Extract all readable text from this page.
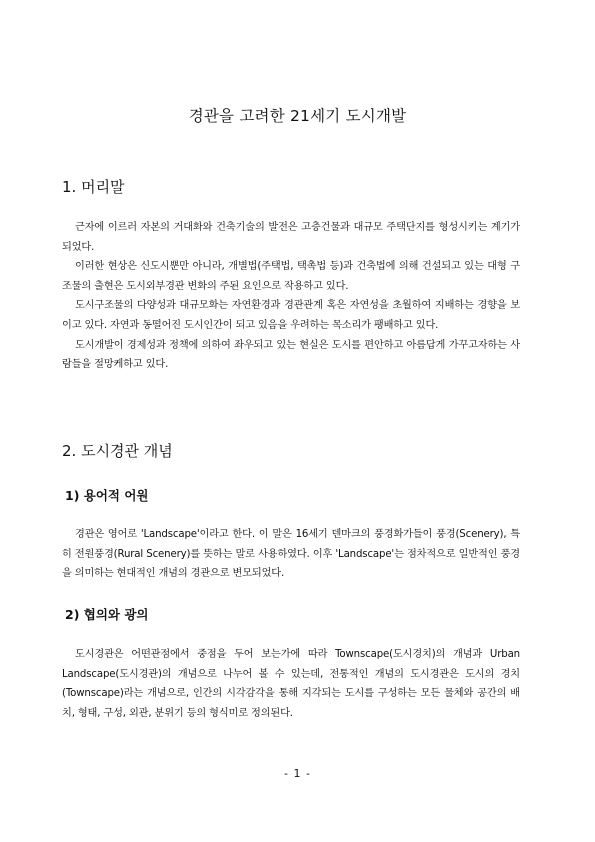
경관을 고려한 21세기 도시개발
1. 머리말

근자에 이르러 자본의 거대화와 건축기술의 발전은 고층건물과 대규모 주택단지를 형성시키는 계기가 되었다.

이러한 현상은 신도시뿐만 아니라, 개별법(주택법, 택촉법 등)과 건축법에 의해 건설되고 있는 대형 구조물의 출현은 도시외부경관 변화의 주된 요인으로 작용하고 있다.

도시구조물의 다양성과 대규모화는 자연환경과 경관관계 혹은 자연성을 초월하여 지배하는 경향을 보이고 있다. 자연과 동떨어진 도시인간이 되고 있음을 우려하는 목소리가 팽배하고 있다.

도시개발이 경제성과 정책에 의하여 좌우되고 있는 현실은 도시를 편안하고 아름답게 가꾸고자하는 사람들을 절망케하고 있다.

2. 도시경관 개념
1) 용어적 어원

경관은 영어로 'Landscape'이라고 한다. 이 말은 16세기 덴마크의 풍경화가들이 풍경(Scenery), 특히 전원풍경(Rural Scenery)를 뜻하는 말로 사용하였다. 이후 'Landscape'는 점차적으로 일반적인 풍경을 의미하는 현대적인 개념의 경관으로 변모되었다.

2) 협의와 광의

도시경관은 어떤관점에서 중점을 두어 보는가에 따라 Townscape(도시경치)의 개념과 Urban Landscape(도시경관)의 개념으로 나누어 볼 수 있는데, 전통적인 개념의 도시경관은 도시의 경치 (Townscape)라는 개념으로, 인간의 시각감각을 통해 지각되는 도시를 구성하는 모든 물체와 공간의 배치, 형태, 구성, 외관, 분위기 등의 형식미로 정의된다.

- 1 -
